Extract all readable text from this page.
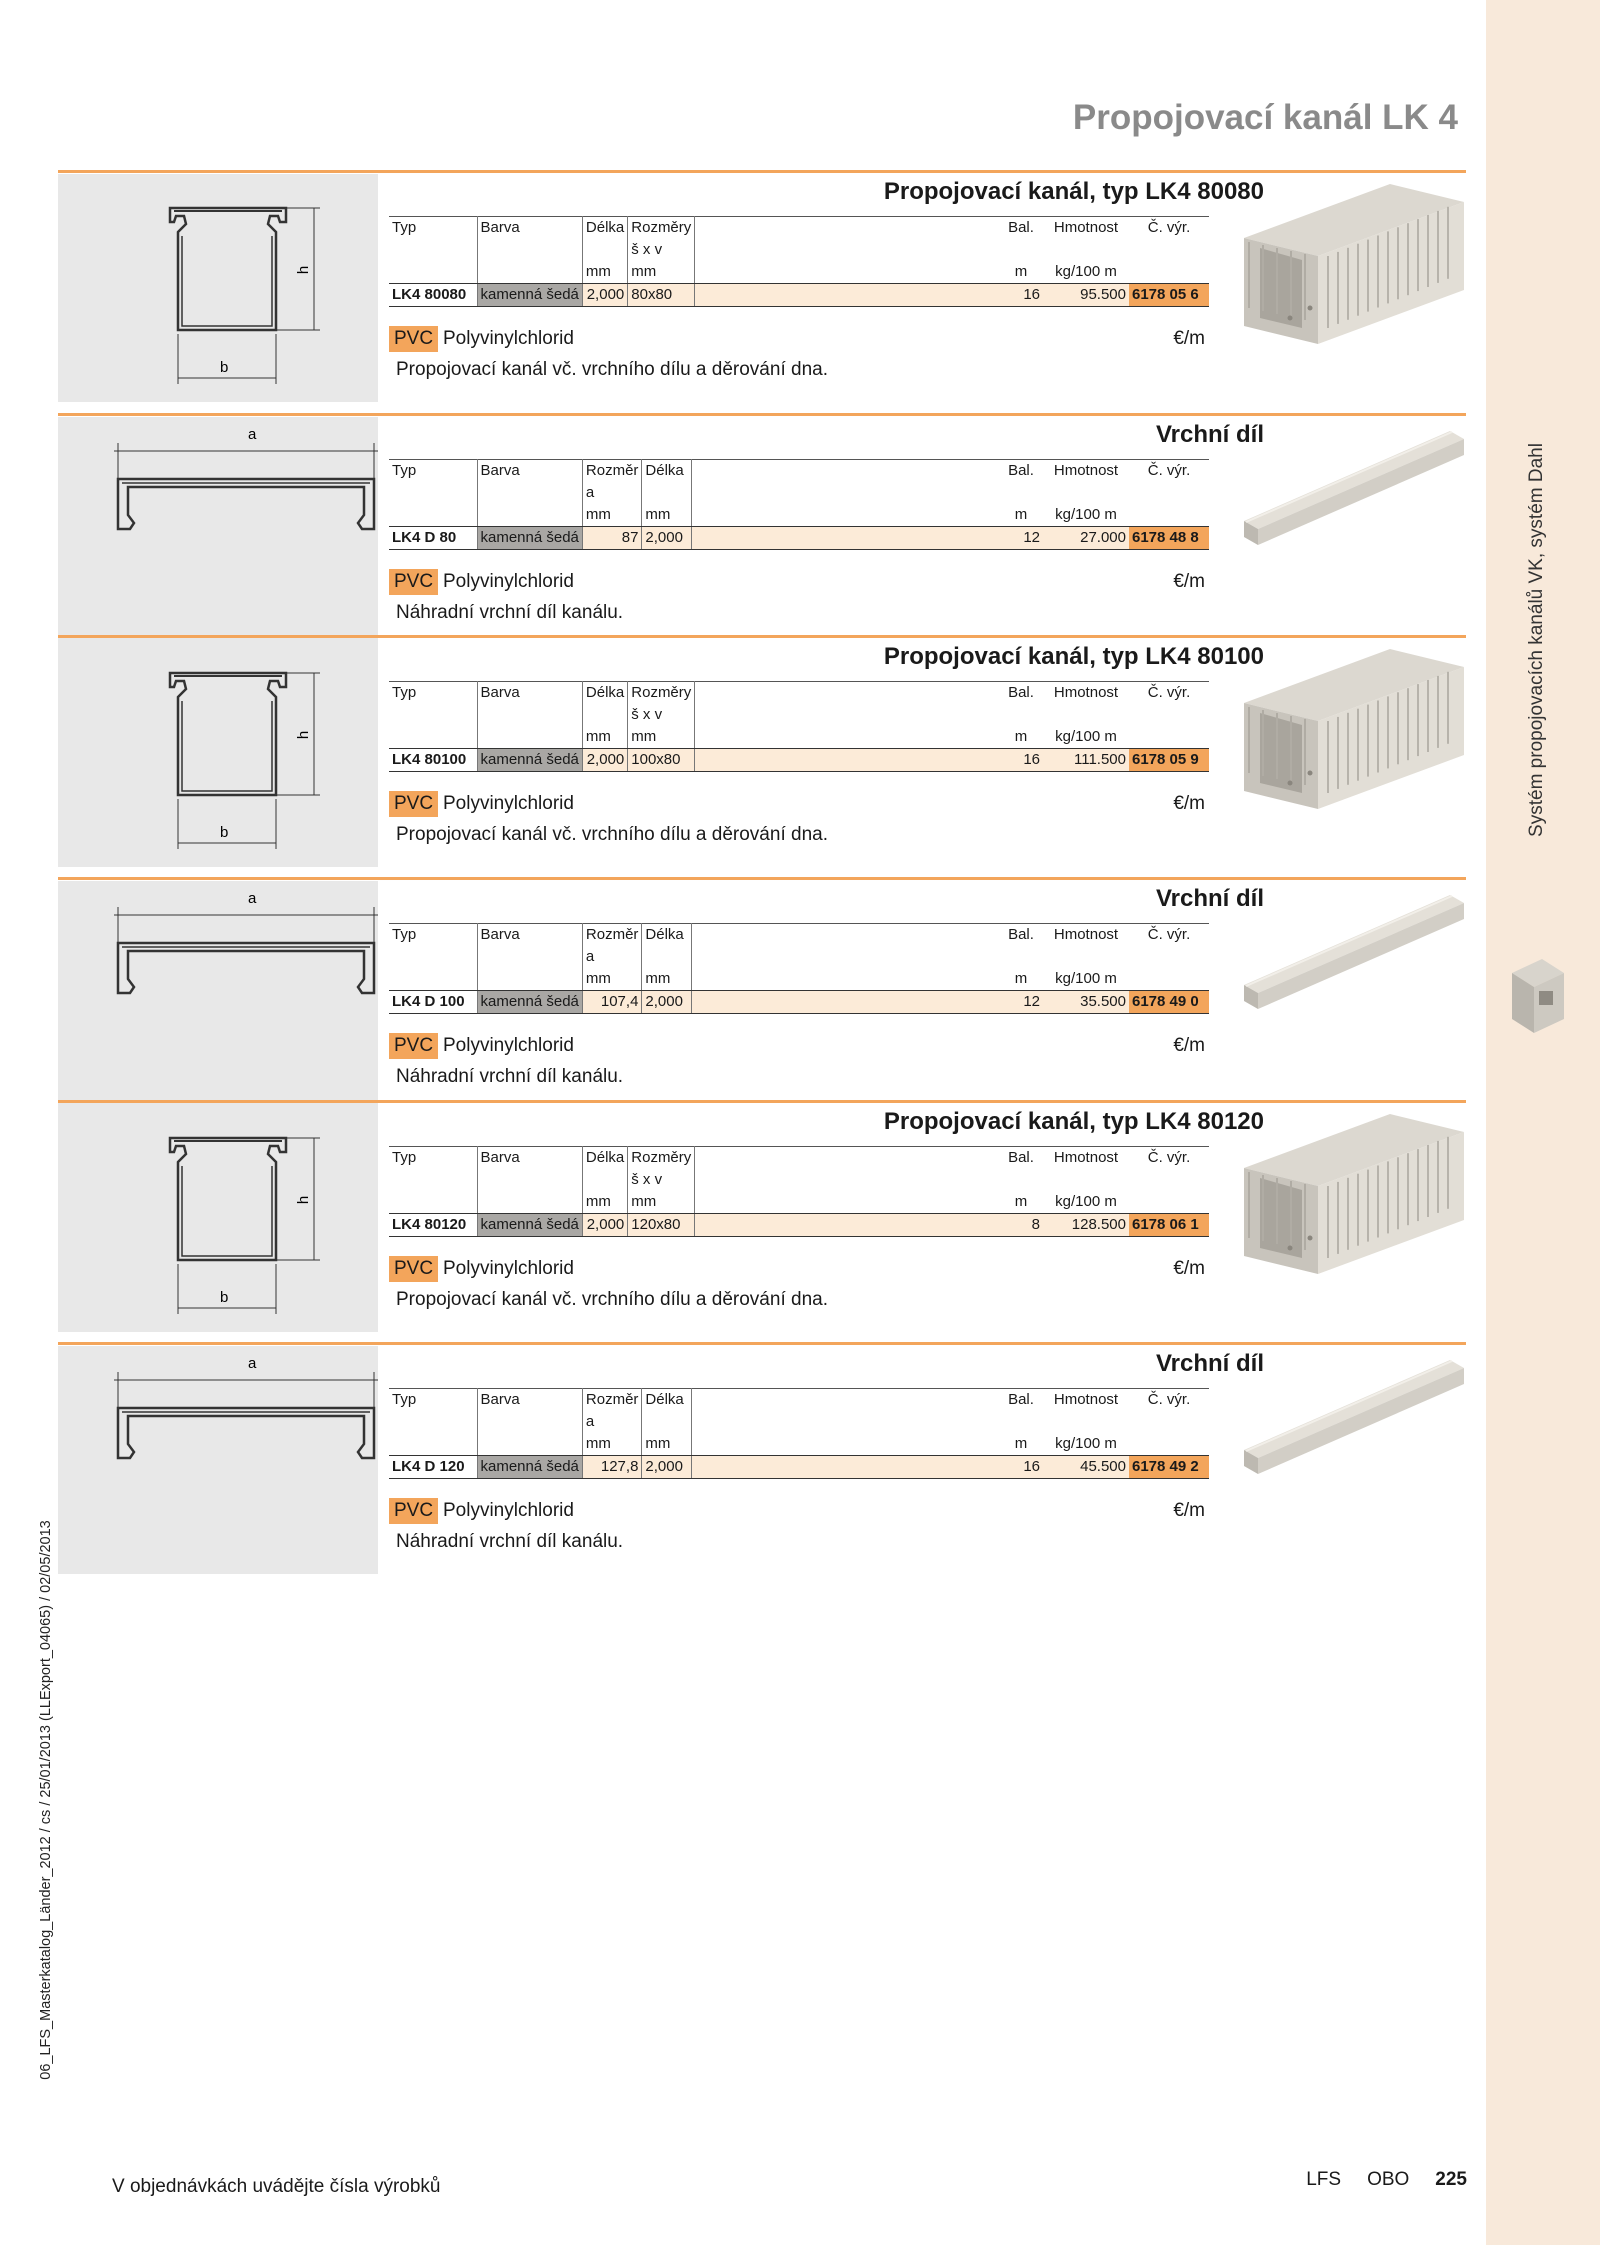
Systém propojovacích kanálů VK, systém Dahl
Propojovací kanál LK 4
06_LFS_Masterkatalog_Länder_2012 / cs / 25/01/2013 (LLExport_04065) / 02/05/2013
h
b
Propojovací kanál, typ LK4 80080
Typ	Barva	Délka	Rozměry		Bal.	Hmotnost	Č. výr.
			š x v				
		mm	mm		m	kg/100 m	
LK4 80080	kamenná šedá	2,000	80x80		16	95.500	6178 05 6
PVC Polyvinylchlorid	€/m
Propojovací kanál vč. vrchního dílu a děrování dna.
a	Vrchní díl
Typ	Barva	Rozměr	Délka		Bal.	Hmotnost	Č. výr.
		a					
		mm	mm		m	kg/100 m	
LK4 D 80	kamenná šedá	87	2,000		12	27.000	6178 48 8
PVC Polyvinylchlorid	€/m
Náhradní vrchní díl kanálu.
h
b
Propojovací kanál, typ LK4 80100
Typ	Barva	Délka	Rozměry		Bal.	Hmotnost	Č. výr.
			š x v				
		mm	mm		m	kg/100 m	
LK4 80100	kamenná šedá	2,000	100x80		16	111.500	6178 05 9
PVC Polyvinylchlorid	€/m
Propojovací kanál vč. vrchního dílu a děrování dna.
a	Vrchní díl
Typ	Barva	Rozměr	Délka		Bal.	Hmotnost	Č. výr.
		a					
		mm	mm		m	kg/100 m	
LK4 D 100	kamenná šedá	107,4	2,000		12	35.500	6178 49 0
PVC Polyvinylchlorid	€/m
Náhradní vrchní díl kanálu.
h
b
Propojovací kanál, typ LK4 80120
Typ	Barva	Délka	Rozměry		Bal.	Hmotnost	Č. výr.
			š x v				
		mm	mm		m	kg/100 m	
LK4 80120	kamenná šedá	2,000	120x80		8	128.500	6178 06 1
PVC Polyvinylchlorid	€/m
Propojovací kanál vč. vrchního dílu a děrování dna.
a	Vrchní díl
Typ	Barva	Rozměr	Délka		Bal.	Hmotnost	Č. výr.
		a					
		mm	mm		m	kg/100 m	
LK4 D 120	kamenná šedá	127,8	2,000		16	45.500	6178 49 2
PVC Polyvinylchlorid	€/m
Náhradní vrchní díl kanálu.
V objednávkách uvádějte čísla výrobků	LFS OBO 225
